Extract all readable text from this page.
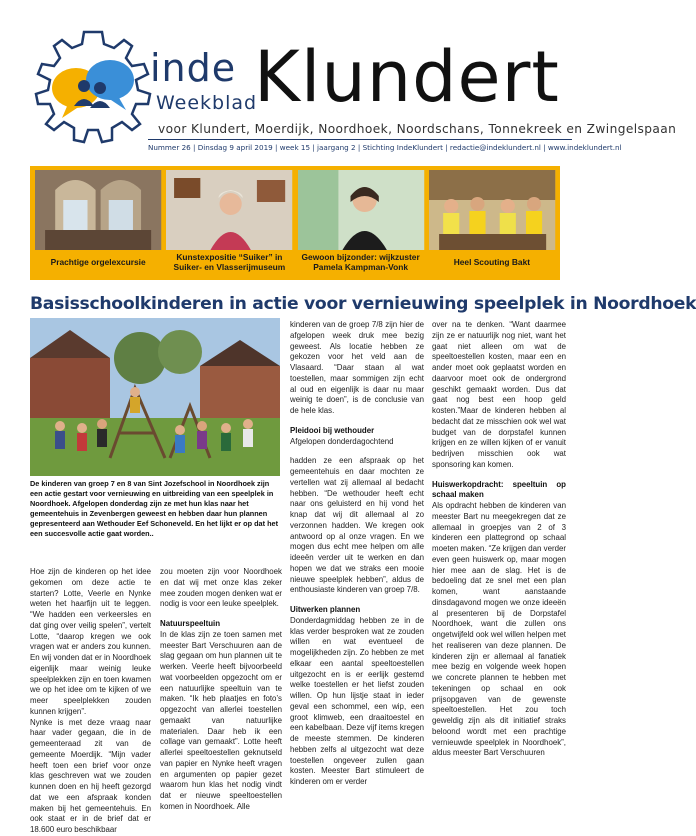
inde
Weekblad
Klundert
voor Klundert, Moerdijk, Noordhoek, Noordschans, Tonnekreek en Zwingelspaan
Nummer 26 | Dinsdag 9 april 2019 | week 15 | jaargang 2 | Stichting IndeKlundert | redactie@indeklundert.nl | www.indeklundert.nl
Prachtige orgelexcursie	Kunstexpositie “Suiker” in Suiker- en Vlasserijmuseum
Gewoon bijzonder: wijkzuster Pamela Kampman-Vonk	Heel Scouting Bakt
Basisschoolkinderen in actie voor vernieuwing speelplek in Noordhoek
De kinderen van groep 7 en 8 van Sint Jozefschool in Noordhoek zijn een actie gestart voor vernieuwing en uitbreiding van een speelplek in Noordhoek. Afgelopen donderdag zijn ze met hun klas naar het gemeentehuis in Zevenbergen geweest en hebben daar hun plannen gepresenteerd aan Wethouder Eef Schoneveld. En het lijkt er op dat het een succesvolle actie gaat worden..

Hoe zijn de kinderen op het idee gekomen om deze actie te starten? Lotte, Veerle en Nynke weten het haarfijn uit te leggen. “We hadden een verkeersles en dat ging over veilig spelen”, vertelt Lotte, “daarop kregen we ook vragen wat er anders zou kunnen. En wij vonden dat er in Noordhoek eigenlijk maar weinig leuke speelplekken zijn en toen kwamen we op het idee om te kijken of we meer speelplekken zouden kunnen krijgen”.

Nynke is met deze vraag naar haar vader gegaan, die in de gemeenteraad zit van de gemeente Moerdijk. “Mijn vader heeft toen een brief voor onze klas geschreven wat we zouden kunnen doen en hij heeft gezorgd dat we een afspraak konden maken bij het gemeentehuis. En ook staat er in de brief dat er 18.600 euro beschikbaar

zou moeten zijn voor Noordhoek en dat wij met onze klas zeker mee zouden mogen denken wat er nodig is voor een leuke speelplek.

Natuurspeeltuin

In de klas zijn ze toen samen met meester Bart Verschuuren aan de slag gegaan om hun plannen uit te werken. Veerle heeft bijvoorbeeld wat voorbeelden opgezocht om er een natuurlijke speeltuin van te maken. “Ik heb plaatjes en foto’s opgezocht van allerlei toestellen gemaakt van natuurlijke materialen. Daar heb ik een collage van gemaakt”. Lotte heeft allerlei speeltoestellen geknutseld van papier en Nynke heeft vragen en argumenten op papier gezet waarom hun klas het nodig vindt dat er nieuwe speeltoestellen komen in Noordhoek. Alle

kinderen van de groep 7/8 zijn hier de afgelopen week druk mee bezig geweest. Als locatie hebben ze gekozen voor het veld aan de Vlasaard. “Daar staan al wat toestellen, maar sommigen zijn echt al oud en eigenlijk is daar nu maar weinig te doen”, is de conclusie van de hele klas.

Pleidooi bij wethouder

Afgelopen donderdagochtend

hadden ze een afspraak op het gemeentehuis en daar mochten ze vertellen wat zij allemaal al bedacht hebben. “De wethouder heeft echt naar ons geluisterd en hij vond het knap dat wij dit allemaal al zo verzonnen hadden. We kregen ook antwoord op al onze vragen. En we mogen dus echt mee helpen om alle ideeën verder uit te werken en dan hopen we dat we straks een mooie nieuwe speelplek hebben”, aldus de enthousiaste kinderen van groep 7/8.

Uitwerken plannen

Donderdagmiddag hebben ze in de klas verder besproken wat ze zouden willen en wat eventueel de mogelijkheden zijn. Zo hebben ze met elkaar een aantal speeltoestellen uitgezocht en is er eerlijk gestemd welke toestellen er het liefst zouden willen. Op hun lijstje staat in ieder geval een schommel, een wip, een groot klimweb, een draaitoestel en een kabelbaan. Deze vijf items kregen de meeste stemmen. De kinderen hebben zelfs al uitgezocht wat deze toestellen ongeveer zullen gaan kosten. Meester Bart stimuleert de kinderen om er verder

over na te denken. “Want daarmee zijn ze er natuurlijk nog niet, want het gaat niet alleen om wat de speeltoestellen kosten, maar een en ander moet ook geplaatst worden en daarvoor moet ook de ondergrond geschikt gemaakt worden. Dus dat gaat nog best een hoop geld kosten.”Maar de kinderen hebben al bedacht dat ze misschien ook wel wat budget van de dorpstafel kunnen krijgen en ze willen kijken of er vanuit bedrijven misschien ook wat sponsoring kan komen.

Huiswerkopdracht: speeltuin op schaal maken

Als opdracht hebben de kinderen van meester Bart nu meegekregen dat ze allemaal in groepjes van 2 of 3 kinderen een plattegrond op schaal moeten maken. “Ze krijgen dan verder even geen huiswerk op, maar mogen hier mee aan de slag. Het is de bedoeling dat ze snel met een plan komen, want aanstaande dinsdagavond mogen we onze ideeën al presenteren bij de Dorpstafel Noordhoek, want die zullen ons ongetwijfeld ook wel willen helpen met het realiseren van deze plannen. De kinderen zijn er allemaal al fanatiek mee bezig en volgende week hopen we concrete plannen te hebben met tekeningen op schaal en ook prijsopgaven van de gewenste speeltoestellen. Het zou toch geweldig zijn als dit initiatief straks beloond wordt met een prachtige vernieuwde speelplek in Noordhoek”, aldus meester Bart Verschuuren
